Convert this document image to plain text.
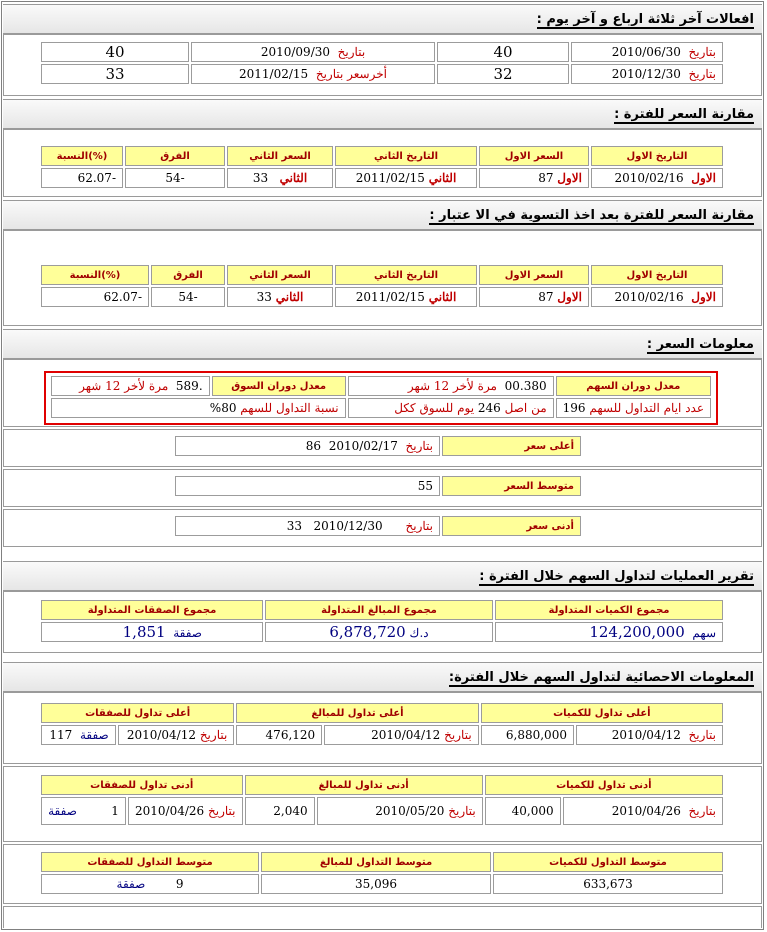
افعالات آخر ثلاثة ارباع و آخر يوم :
بتاريخ  2010/06/30	40	بتاريخ  2010/09/30	40
بتاريخ  2010/12/30	32	أخرسعر بتاريخ  2011/02/15	33
مقارنة السعر للفترة :
التاريخ الاول	السعر الاول	التاريخ الثاني	السعر الثاني	الفرق	(%)النسبة
الاول  2010/02/16	الاول 87	الثاني 2011/02/15	الثاني   33	-54	-62.07
مقارنة السعر للفترة بعد اخذ التسوية في الا عتبار :
التاريخ الاول	السعر الاول	التاريخ الثاني	السعر الثاني	الفرق	(%)النسبة
الاول  2010/02/16	الاول 87	الثاني 2011/02/15	الثاني 33	-54	-62.07
معلومات السعر :
معدل دوران السهم	00.380  مرة لأخر 12 شهر	معدل دوران السوق	.589  مرة لأخر 12 شهر
عدد ايام التداول للسهم 196	من اصل 246 يوم للسوق ككل	نسبة التداول للسهم 80%	
أعلى سعر	بتاريخ  2010/02/17  86
متوسط السعر	55
أدنى سعر	بتاريخ      2010/12/30   33
تقرير العمليات لتداول السهم خلال الفترة :
مجموع الكميات المتداولة	مجموع المبالغ المتداولة	مجموع الصفقات المتداولة
سهم  124,200,000	د.ك 6,878,720	صفقة  1,851
المعلومات الاحصائية لتداول السهم خلال الفترة:
أعلى تداول للكميات		أعلى تداول للمبالغ		أعلى تداول للصفقات	
بتاريخ  2010/04/12	6,880,000	بتاريخ 2010/04/12	476,120	بتاريخ 2010/04/12	صفقة  117
أدنى تداول للكميات		أدنى تداول للمبالغ		أدنى تداول للصفقات	
بتاريخ  2010/04/26	40,000	بتاريخ 2010/05/20	2,040	بتاريخ 2010/04/26	1         صفقة
متوسط التداول للكميات	متوسط التداول للمبالغ	متوسط التداول للصفقات
633,673	35,096	9        صفقة
